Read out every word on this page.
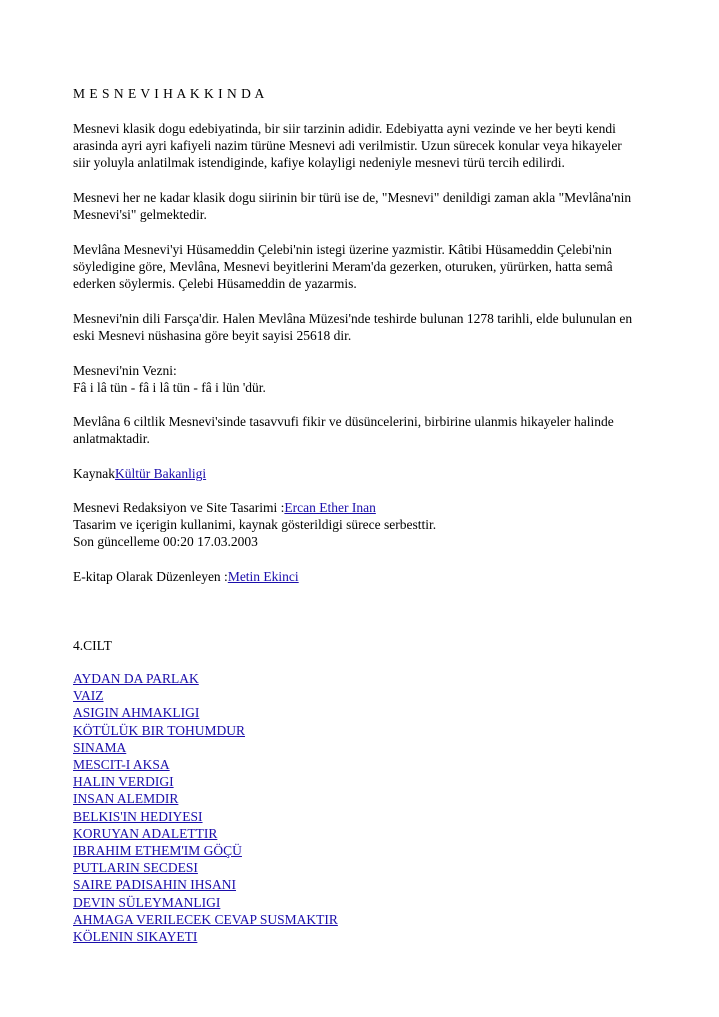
M E S N E V I H A K K I N D A

Mesnevi klasik dogu edebiyatinda, bir siir tarzinin adidir. Edebiyatta ayni vezinde ve her beyti kendi arasinda ayri ayri kafiyeli nazim türüne Mesnevi adi verilmistir. Uzun sürecek konular veya hikayeler siir yoluyla anlatilmak istendiginde, kafiye kolayligi nedeniyle mesnevi türü tercih edilirdi.

Mesnevi her ne kadar klasik dogu siirinin bir türü ise de, "Mesnevi" denildigi zaman akla "Mevlâna'nin Mesnevi'si" gelmektedir.

Mevlâna Mesnevi'yi Hüsameddin Çelebi'nin istegi üzerine yazmistir. Kâtibi Hüsameddin Çelebi'nin söyledigine göre, Mevlâna, Mesnevi beyitlerini Meram'da gezerken, oturuken, yürürken, hatta semâ ederken söylermis. Çelebi Hüsameddin de yazarmis.

Mesnevi'nin dili Farsça'dir. Halen Mevlâna Müzesi'nde teshirde bulunan 1278 tarihli, elde bulunulan en eski Mesnevi nüshasina göre beyit sayisi 25618 dir.

Mesnevi'nin Vezni:

Fâ i lâ tün - fâ i lâ tün - fâ i lün 'dür.

Mevlâna 6 ciltlik Mesnevi'sinde tasavvufi fikir ve düsüncelerini, birbirine ulanmis hikayeler halinde anlatmaktadir.

KaynakKültür Bakanligi

Mesnevi Redaksiyon ve Site Tasarimi :Ercan Ether Inan

Tasarim ve içerigin kullanimi, kaynak gösterildigi sürece serbesttir.

Son güncelleme 00:20 17.03.2003

E-kitap Olarak Düzenleyen :Metin Ekinci
4.CILT
AYDAN DA PARLAK
VAIZ
ASIGIN AHMAKLIGI
KÖTÜLÜK BIR TOHUMDUR
SINAMA
MESCIT-I AKSA
HALIN VERDIGI
INSAN ALEMDIR
BELKIS'IN HEDIYESI
KORUYAN ADALETTIR
IBRAHIM ETHEM'IM GÖÇÜ
PUTLARIN SECDESI
SAIRE PADISAHIN IHSANI
DEVIN SÜLEYMANLIGI
AHMAGA VERILECEK CEVAP SUSMAKTIR
KÖLENIN SIKAYETI
